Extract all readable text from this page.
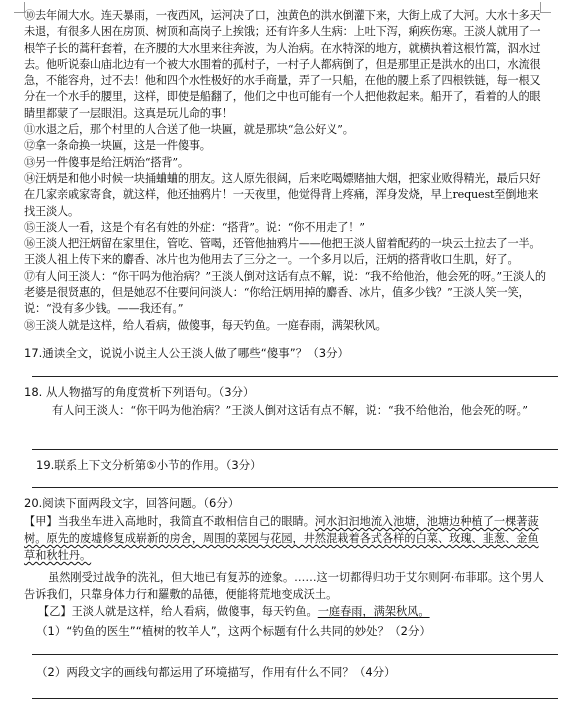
⑩去年闹大水。连天暴雨，一夜西风，运河决了口，浊黄色的洪水倒灌下来，大街上成了大河。大水十多天未退，有很多人困在房顶、树顶和高岗子上挨饿；还有许多人生病：上吐下泻，痢疾伤寒。王淡人就用了一根竿子长的蒿秆套着，在齐腰的大水里来往奔波，为人治病。在水特深的地方，就横执着这根竹篙，泅水过去。他听说泰山庙北边有一个被大水围着的孤村子，一村子人都病倒了，但是那里正是洪水的出口，水流很急，不能容舟，过不去！他和四个水性极好的水手商量，弄了一只船，在他的腰上系了四根铁链，每一根又分在一个水手的腰里，这样，即使是船翻了，他们之中也可能有一个人把他救起来。船开了，看着的人的眼睛里都蒙了一层眼泪。这真是玩儿命的事！

⑪水退之后，那个村里的人合送了他一块匾，就是那块“急公好义”。

⑫拿一条命换一块匾，这是一件傻事。

⑬另一件傻事是给汪炳治“搭背”。

⑭汪炳是和他小时候一块捅蛐蛐的朋友。这人原先很阔，后来吃喝嫖赌抽大烟，把家业败得精光，最后只好在几家亲戚家寄食，就这样，他还抽鸦片！一天夜里，他觉得背上疼痛，浑身发烧，早上request至倒地来找王淡人。

⑮王淡人一看，这是个有名有姓的外症：“搭背”。说：“你不用走了！”

⑯王淡人把汪炳留在家里住，管吃、管喝，还管他抽鸦片——他把王淡人留着配药的一块云土拉去了一半。王淡人祖上传下来的麝香、冰片也为他用去了三分之一。一个多月以后，汪炳的搭背收口生肌，好了。

⑰有人问王淡人：“你干吗为他治病？”王淡人倒对这话有点不解，说：“我不给他治，他会死的呀。”王淡人的老婆是很贤惠的，但是她忍不住要问问淡人：“你给汪炳用掉的麝香、冰片，值多少钱？”王淡人笑一笑，说：“没有多少钱。——我还有。”

⑱王淡人就是这样，给人看病，做傻事，每天钓鱼。一庭春雨，满架秋风。

17.通读全文，说说小说主人公王淡人做了哪些“傻事”？（3分）
18. 从人物描写的角度赏析下列语句。（3分）
有人问王淡人：“你干吗为他治病？”王淡人倒对这话有点不解，说：“我不给他治，他会死的呀。”
19.联系上下文分析第⑤小节的作用。（3分）
20.阅读下面两段文字，回答问题。（6分）
【甲】当我坐车进入高地时，我简直不敢相信自己的眼睛。河水汩汩地流入池塘，池塘边种植了一棵著菠树。原先的废墟修复成崭新的房舍，周围的菜园与花园，井然混栽着各式各样的白菜、玫瑰、韭葱、金鱼草和秋牡丹。
虽然刚受过战争的洗礼，但大地已有复苏的迹象。……这一切都得归功于艾尔则阿·布菲耶。这个男人告诉我们，只靠身体力行和羅敷的品德，便能将荒地变成沃土。
【乙】王淡人就是这样，给人看病，做傻事，每天钓鱼。一庭春雨，满架秋风。
（1）“钓鱼的医生”“植树的牧羊人”，这两个标题有什么共同的妙处？（2分）
（2）两段文字的画线句都运用了环境描写，作用有什么不同？（4分）
